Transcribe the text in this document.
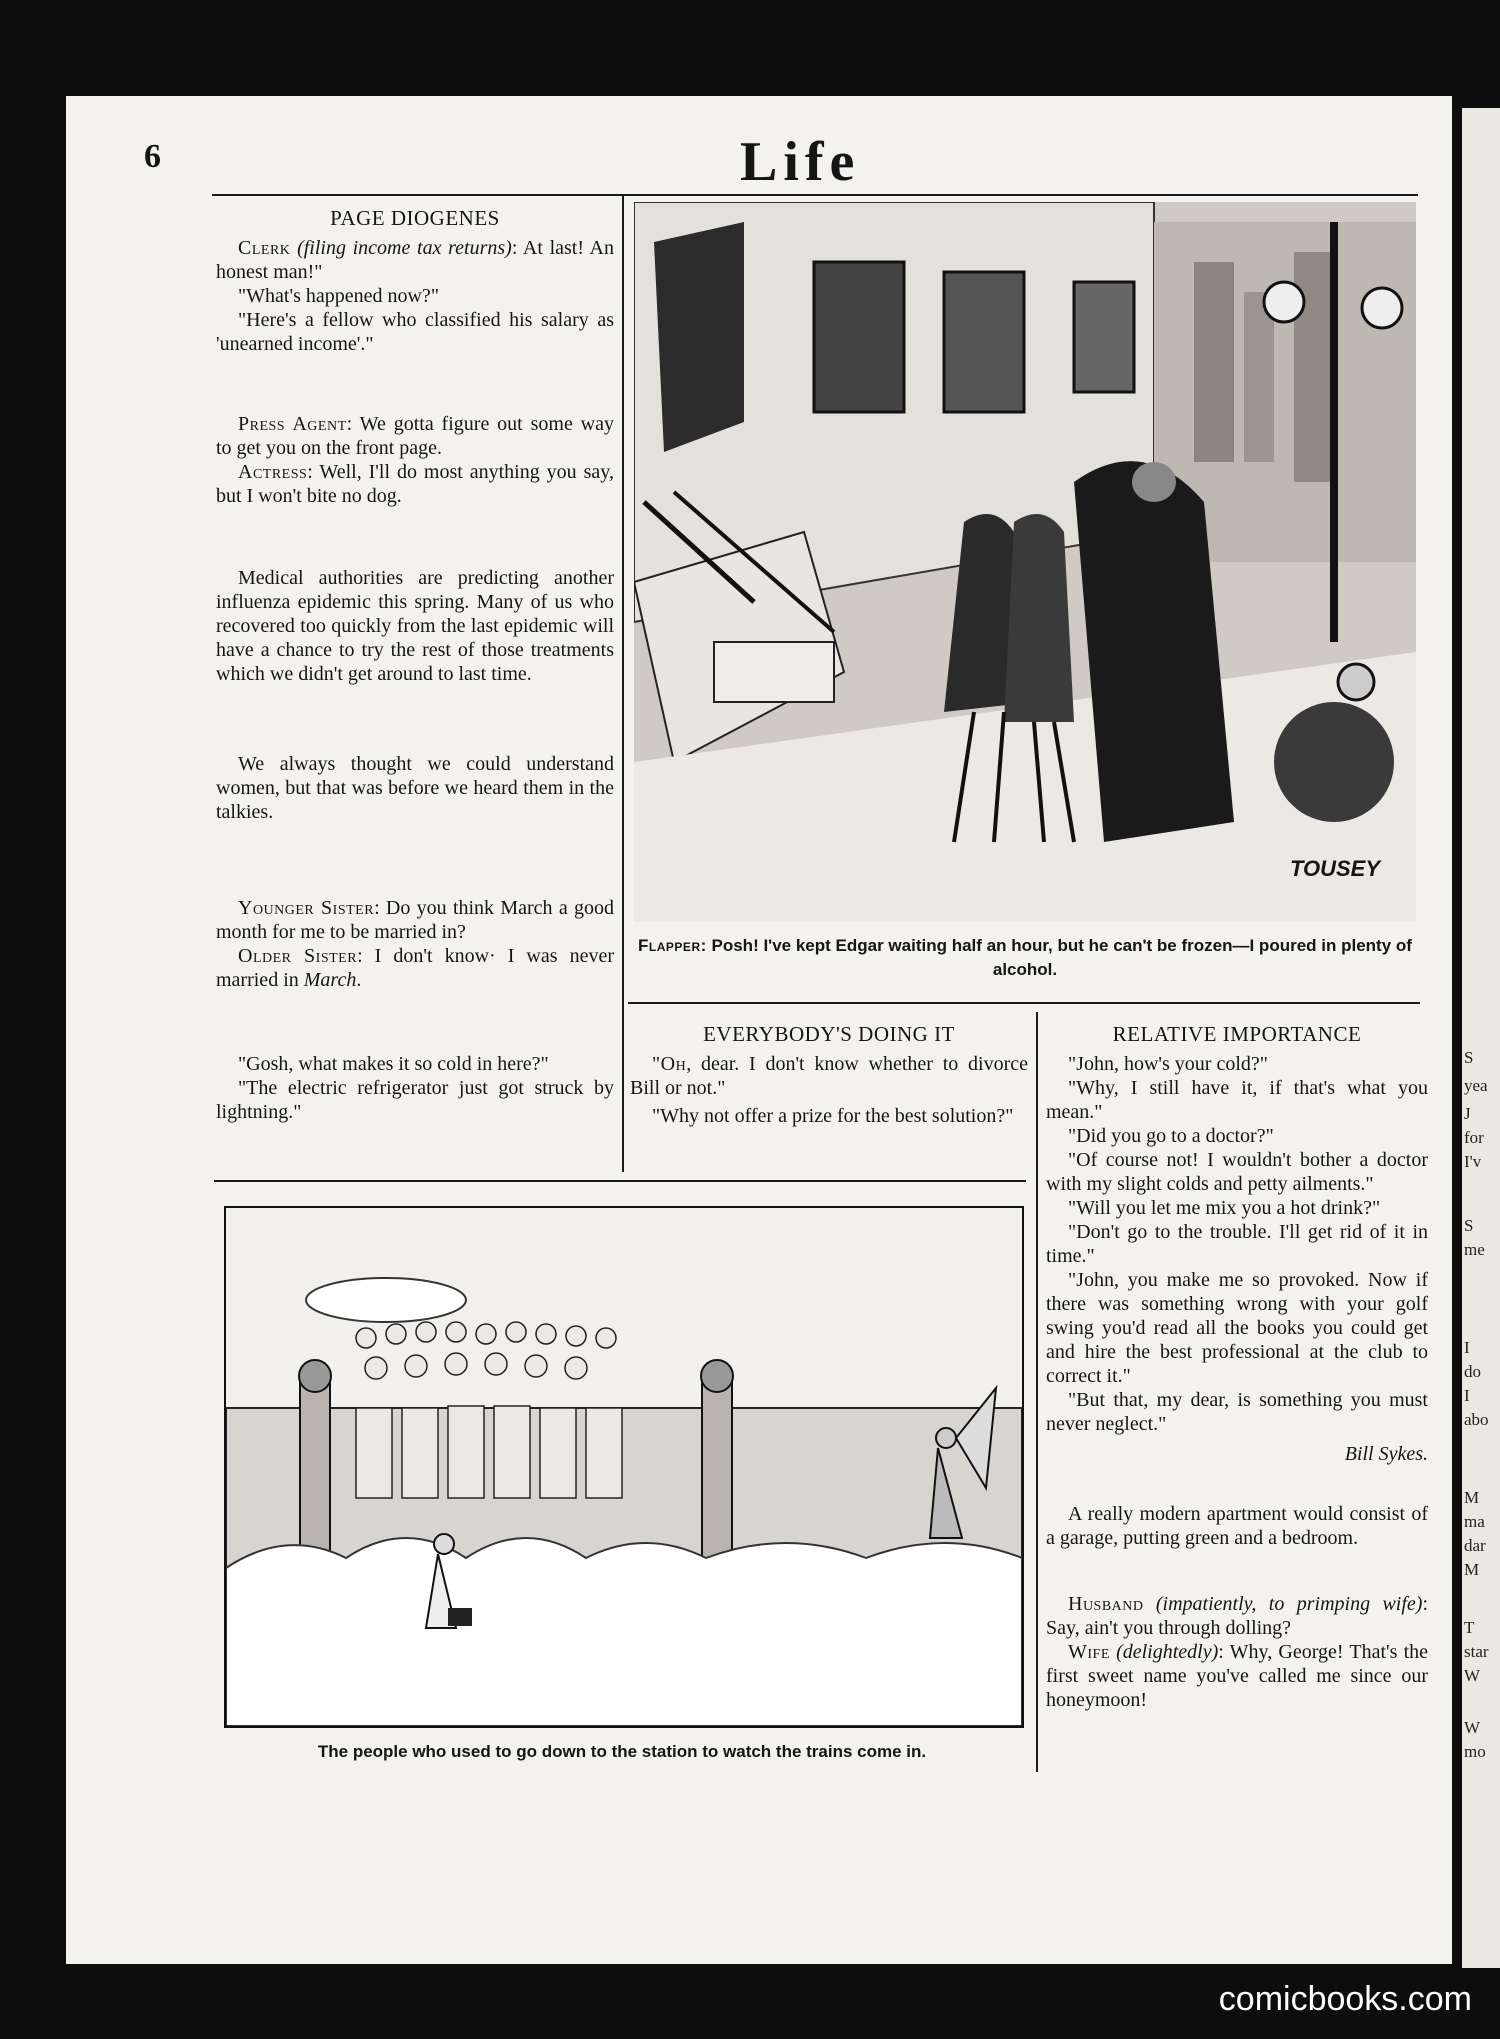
S
yea
J
for
I'v
S
me
I
do
I
abo
M
ma
dar
M
T
star
W
W
mo
6	Life
PAGE DIOGENES

Clerk (filing income tax returns): At last! An honest man!"

"What's happened now?"

"Here's a fellow who classified his salary as 'unearned income'."

Press Agent: We gotta figure out some way to get you on the front page.

Actress: Well, I'll do most anything you say, but I won't bite no dog.

Medical authorities are predicting another influenza epidemic this spring. Many of us who recovered too quickly from the last epidemic will have a chance to try the rest of those treatments which we didn't get around to last time.

We always thought we could understand women, but that was before we heard them in the talkies.

Younger Sister: Do you think March a good month for me to be married in?

Older Sister: I don't know· I was never married in March.

"Gosh, what makes it so cold in here?"

"The electric refrigerator just got struck by lightning."

TOUSEY
Flapper: Posh! I've kept Edgar waiting half an hour, but he can't be frozen—I poured in plenty of alcohol.
EVERYBODY'S DOING IT

"Oh, dear. I don't know whether to divorce Bill or not."

"Why not offer a prize for the best solution?"

RELATIVE IMPORTANCE

"John, how's your cold?"

"Why, I still have it, if that's what you mean."

"Did you go to a doctor?"

"Of course not! I wouldn't bother a doctor with my slight colds and petty ailments."

"Will you let me mix you a hot drink?"

"Don't go to the trouble. I'll get rid of it in time."

"John, you make me so provoked. Now if there was something wrong with your golf swing you'd read all the books you could get and hire the best professional at the club to correct it."

"But that, my dear, is something you must never neglect."

Bill Sykes.

A really modern apartment would consist of a garage, putting green and a bedroom.

Husband (impatiently, to primping wife): Say, ain't you through dolling?

Wife (delightedly): Why, George! That's the first sweet name you've called me since our honeymoon!

The people who used to go down to the station to watch the trains come in.
comicbooks.com
